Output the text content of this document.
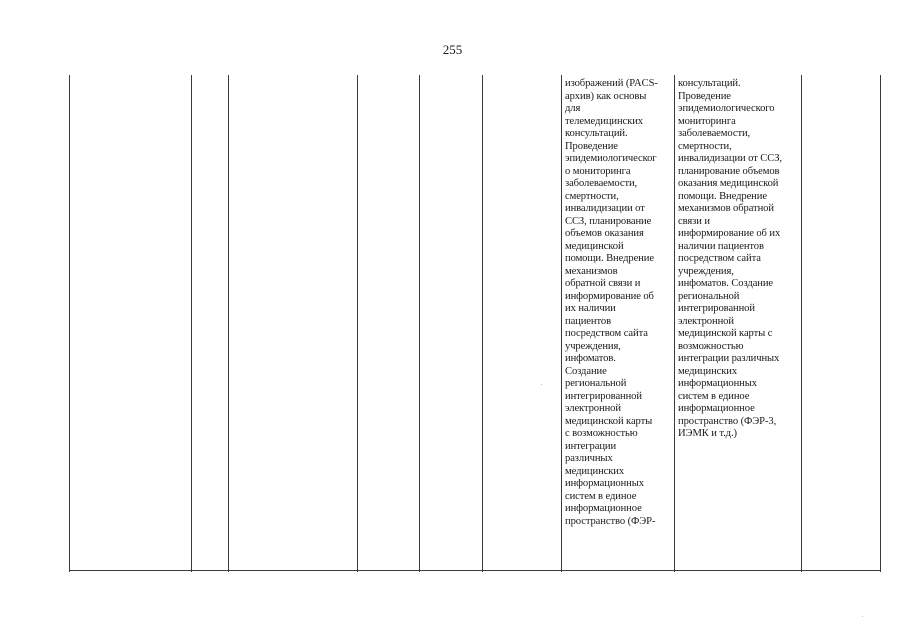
255
изображений (PACS-
архив) как основы
для
телемедицинских
консультаций.
Проведение
эпидемиологическог
о мониторинга
заболеваемости,
смертности,
инвалидизации от
ССЗ, планирование
объемов оказания
медицинской
помощи. Внедрение
механизмов
обратной связи и
информирование об
их наличии
пациентов
посредством сайта
учреждения,
инфоматов.
Создание
региональной
интегрированной
электронной
медицинской карты
с возможностью
интеграции
различных
медицинских
информационных
систем в единое
информационное
пространство (ФЭР-
консультаций.
Проведение
эпидемиологического
мониторинга
заболеваемости,
смертности,
инвалидизации от ССЗ,
планирование объемов
оказания медицинской
помощи. Внедрение
механизмов обратной
связи и
информирование об их
наличии пациентов
посредством сайта
учреждения,
инфоматов. Создание
региональной
интегрированной
электронной
медицинской карты с
возможностью
интеграции различных
медицинских
информационных
систем в единое
информационное
пространство (ФЭР-3,
ИЭМК и т.д.)
